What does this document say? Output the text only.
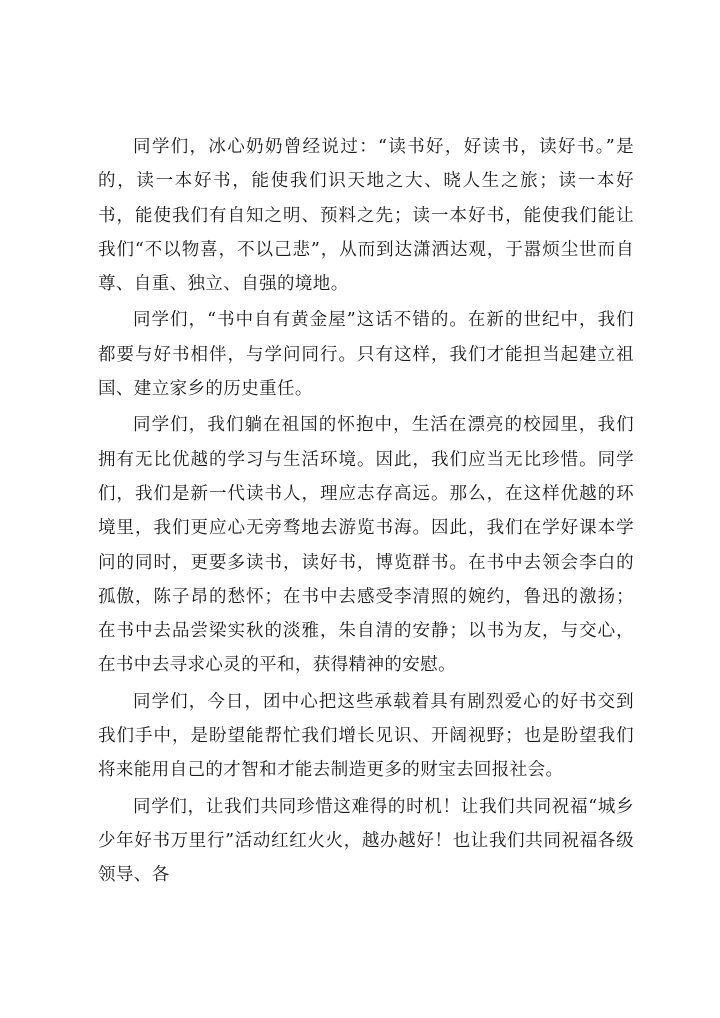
同学们，冰心奶奶曾经说过：“读书好，好读书，读好书。”是的，读一本好书，能使我们识天地之大、晓人生之旅；读一本好书，能使我们有自知之明、预料之先；读一本好书，能使我们能让我们“不以物喜，不以己悲”，从而到达潇洒达观，于嚣烦尘世而自尊、自重、独立、自强的境地。

同学们，“书中自有黄金屋”这话不错的。在新的世纪中，我们都要与好书相伴，与学问同行。只有这样，我们才能担当起建立祖国、建立家乡的历史重任。

同学们，我们躺在祖国的怀抱中，生活在漂亮的校园里，我们拥有无比优越的学习与生活环境。因此，我们应当无比珍惜。同学们，我们是新一代读书人，理应志存高远。那么，在这样优越的环境里，我们更应心无旁骛地去游览书海。因此，我们在学好课本学问的同时，更要多读书，读好书，博览群书。在书中去领会李白的孤傲，陈子昂的愁怀；在书中去感受李清照的婉约，鲁迅的激扬；在书中去品尝梁实秋的淡雅，朱自清的安静；以书为友，与交心，在书中去寻求心灵的平和，获得精神的安慰。

同学们，今日，团中心把这些承载着具有剧烈爱心的好书交到我们手中，是盼望能帮忙我们增长见识、开阔视野；也是盼望我们将来能用自己的才智和才能去制造更多的财宝去回报社会。

同学们，让我们共同珍惜这难得的时机！让我们共同祝福“城乡少年好书万里行”活动红红火火，越办越好！也让我们共同祝福各级领导、各
